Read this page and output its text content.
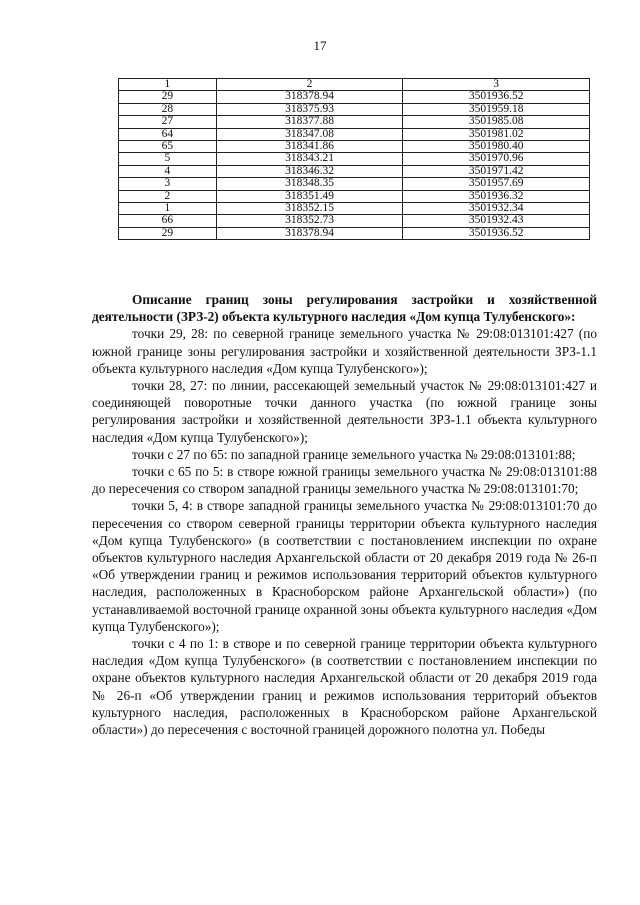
17
1	2	3
29	318378.94	3501936.52
28	318375.93	3501959.18
27	318377.88	3501985.08
64	318347.08	3501981.02
65	318341.86	3501980.40
5	318343.21	3501970.96
4	318346.32	3501971.42
3	318348.35	3501957.69
2	318351.49	3501936.32
1	318352.15	3501932.34
66	318352.73	3501932.43
29	318378.94	3501936.52

Описание границ зоны регулирования застройки и хозяйственной деятельности (ЗРЗ-2) объекта культурного наследия «Дом купца Тулубенского»:

точки 29, 28: по северной границе земельного участка № 29:08:013101:427 (по южной границе зоны регулирования застройки и хозяйственной деятельности ЗРЗ-1.1 объекта культурного наследия «Дом купца Тулубенского»);

точки 28, 27: по линии, рассекающей земельный участок № 29:08:013101:427 и соединяющей поворотные точки данного участка (по южной границе зоны регулирования застройки и хозяйственной деятельности ЗРЗ-1.1 объекта культурного наследия «Дом купца Тулубенского»);

точки с 27 по 65: по западной границе земельного участка № 29:08:013101:88;

точки с 65 по 5: в створе южной границы земельного участка № 29:08:013101:88 до пересечения со створом западной границы земельного участка № 29:08:013101:70;

точки 5, 4: в створе западной границы земельного участка № 29:08:013101:70 до пересечения со створом северной границы территории объекта культурного наследия «Дом купца Тулубенского» (в соответствии с постановлением инспекции по охране объектов культурного наследия Архангельской области от 20 декабря 2019 года № 26-п «Об утверждении границ и режимов использования территорий объектов культурного наследия, расположенных в Красноборском районе Архангельской области») (по устанавливаемой восточной границе охранной зоны объекта культурного наследия «Дом купца Тулубенского»);

точки с 4 по 1: в створе и по северной границе территории объекта культурного наследия «Дом купца Тулубенского» (в соответствии с постановлением инспекции по охране объектов культурного наследия Архангельской области от 20 декабря 2019 года № 26-п «Об утверждении границ и режимов использования территорий объектов культурного наследия, расположенных в Красноборском районе Архангельской области») до пересечения с восточной границей дорожного полотна ул. Победы
